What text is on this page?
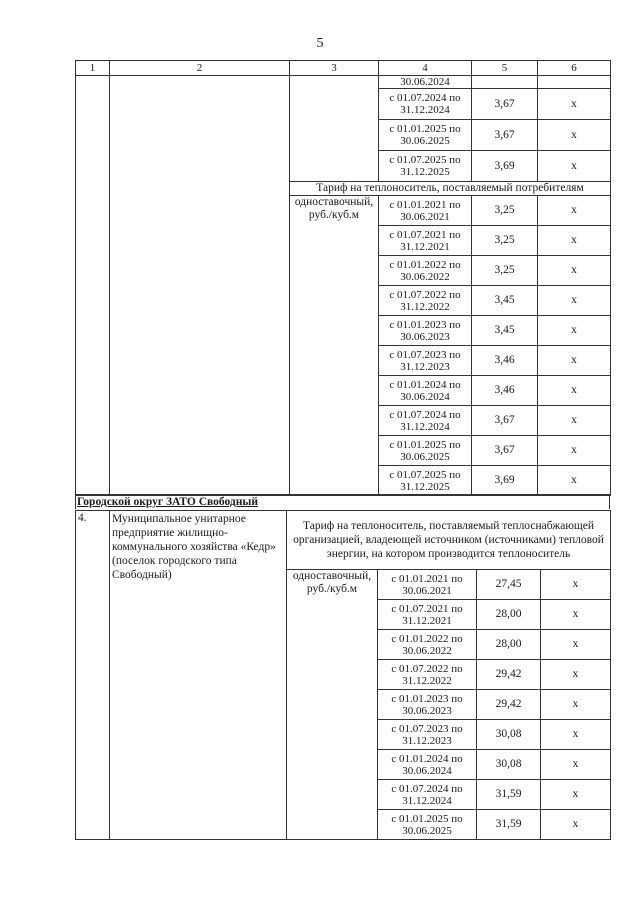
5
1	2	3	4	5	6
			30.06.2024		
			с 01.07.2024 по 31.12.2024	3,67	x
			с 01.01.2025 по 30.06.2025	3,67	x
			с 01.07.2025 по 31.12.2025	3,69	x
		Тариф на теплоноситель, поставляемый потребителям			
		одноставочный, руб./куб.м	с 01.01.2021 по 30.06.2021	3,25	x
			с 01.07.2021 по 31.12.2021	3,25	x
			с 01.01.2022 по 30.06.2022	3,25	x
			с 01.07.2022 по 31.12.2022	3,45	x
			с 01.01.2023 по 30.06.2023	3,45	x
			с 01.07.2023 по 31.12.2023	3,46	x
			с 01.01.2024 по 30.06.2024	3,46	x
			с 01.07.2024 по 31.12.2024	3,67	x
			с 01.01.2025 по 30.06.2025	3,67	x
			с 01.07.2025 по 31.12.2025	3,69	x
Городской округ ЗАТО Свободный
4.	Муниципальное унитарное предприятие жилищно-коммунального хозяйства «Кедр» (поселок городского типа Свободный)	Тариф на теплоноситель, поставляемый теплоснабжающей организацией, владеющей источником (источниками) тепловой энергии, на котором производится теплоноситель			
		одноставочный, руб./куб.м	с 01.01.2021 по 30.06.2021	27,45	x
			с 01.07.2021 по 31.12.2021	28,00	x
			с 01.01.2022 по 30.06.2022	28,00	x
			с 01.07.2022 по 31.12.2022	29,42	x
			с 01.01.2023 по 30.06.2023	29,42	x
			с 01.07.2023 по 31.12.2023	30,08	x
			с 01.01.2024 по 30.06.2024	30,08	x
			с 01.07.2024 по 31.12.2024	31,59	x
			с 01.01.2025 по 30.06.2025	31,59	x
